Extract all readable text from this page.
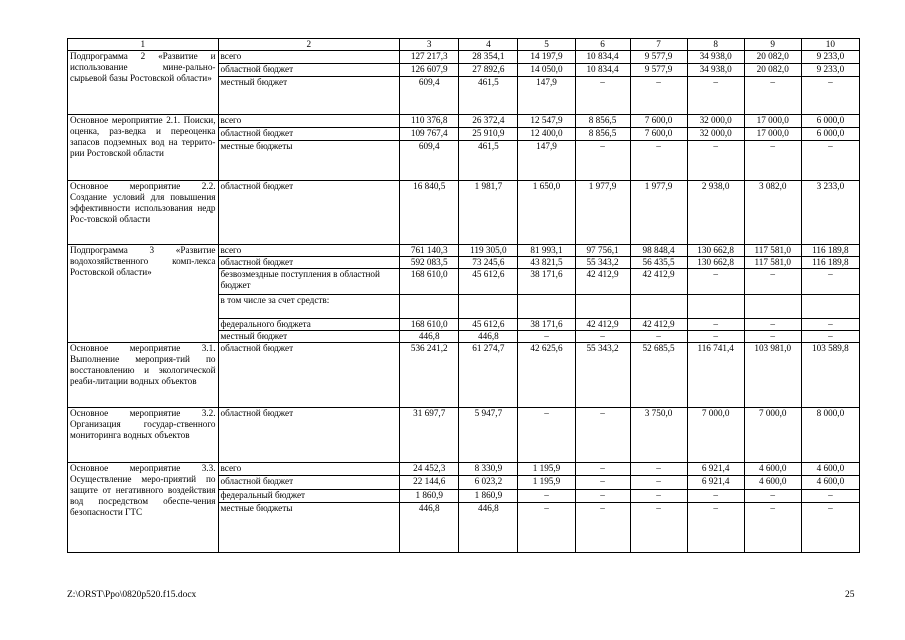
1	2	3	4	5	6	7	8	9	10
Подпрограмма 2 «Развитие и использование мине-рально-сырьевой базы Ростовской области»	всего	127 217,3	28 354,1	14 197,9	10 834,4	9 577,9	34 938,0	20 082,0	9 233,0
	областной бюджет	126 607,9	27 892,6	14 050,0	10 834,4	9 577,9	34 938,0	20 082,0	9 233,0
	местный бюджет	609,4	461,5	147,9	–	–	–	–	–
Основное мероприятие 2.1. Поиски, оценка, раз-ведка и переоценка запасов подземных вод на террито-рии Ростовской области	всего	110 376,8	26 372,4	12 547,9	8 856,5	7 600,0	32 000,0	17 000,0	6 000,0
	областной бюджет	109 767,4	25 910,9	12 400,0	8 856,5	7 600,0	32 000,0	17 000,0	6 000,0
	местные бюджеты	609,4	461,5	147,9	–	–	–	–	–
Основное мероприятие 2.2. Создание условий для повышения эффективности использования недр Рос-товской области	областной бюджет	16 840,5	1 981,7	1 650,0	1 977,9	1 977,9	2 938,0	3 082,0	3 233,0
Подпрограмма 3 «Развитие водохозяйственного комп-лекса Ростовской области»	всего	761 140,3	119 305,0	81 993,1	97 756,1	98 848,4	130 662,8	117 581,0	116 189,8
	областной бюджет	592 083,5	73 245,6	43 821,5	55 343,2	56 435,5	130 662,8	117 581,0	116 189,8
	безвозмездные поступления в областной бюджет	168 610,0	45 612,6	38 171,6	42 412,9	42 412,9	–	–	–
	в том числе за счет средств:								
	федерального бюджета	168 610,0	45 612,6	38 171,6	42 412,9	42 412,9	–	–	–
	местный бюджет	446,8	446,8	–	–	–	–	–	–
Основное мероприятие 3.1. Выполнение мероприя-тий по восстановлению и экологической реаби-литации водных объектов	областной бюджет	536 241,2	61 274,7	42 625,6	55 343,2	52 685,5	116 741,4	103 981,0	103 589,8
Основное мероприятие 3.2. Организация государ-ственного мониторинга водных объектов	областной бюджет	31 697,7	5 947,7	–	–	3 750,0	7 000,0	7 000,0	8 000,0
Основное мероприятие 3.3. Осуществление меро-приятий по защите от негативного воздействия вод посредством обеспе-чения безопасности ГТС	всего	24 452,3	8 330,9	1 195,9	–	–	6 921,4	4 600,0	4 600,0
	областной бюджет	22 144,6	6 023,2	1 195,9	–	–	6 921,4	4 600,0	4 600,0
	федеральный бюджет	1 860,9	1 860,9	–	–	–	–	–	–
	местные бюджеты	446,8	446,8	–	–	–	–	–	–
Z:\ORST\Ppo\0820p520.f15.docx	25
